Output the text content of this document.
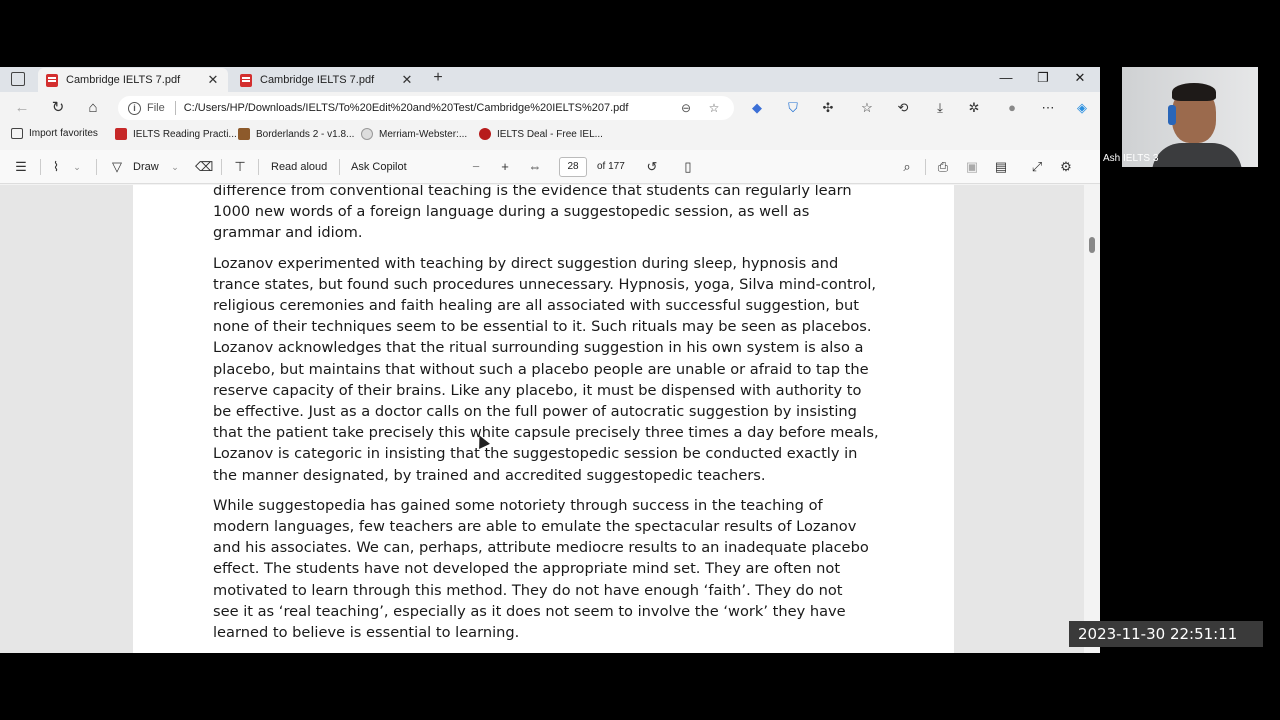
Cambridge IELTS 7.pdf	✕	Cambridge IELTS 7.pdf	✕	+	—	❐	✕
← ↻	⌂	i	File C:/Users/HP/Downloads/IELTS/To%20Edit%20and%20Test/Cambridge%20IELTS%207.pdf	⊖	☆	◆	⛉	✣	☆	⟲	⤓	✲	●	⋯	◈
Import favorites	IELTS Reading Practi... Borderlands 2 - v1.8... Merriam-Webster:...	IELTS Deal - Free IEL...
☰	⌇	⌄	▽	Draw	⌄	⌫ ⊤	Read aloud Ask Copilot	−	+	⇔	28	of 177 ↺	▯	⌕	⎙ ▣ ▤ ⤢ ⚙
difference from conventional teaching is the evidence that students can regularly learn
1000 new words of a foreign language during a suggestopedic session, as well as
grammar and idiom.
Lozanov experimented with teaching by direct suggestion during sleep, hypnosis and
trance states, but found such procedures unnecessary. Hypnosis, yoga, Silva mind-control,
religious ceremonies and faith healing are all associated with successful suggestion, but
none of their techniques seem to be essential to it. Such rituals may be seen as placebos.
Lozanov acknowledges that the ritual surrounding suggestion in his own system is also a
placebo, but maintains that without such a placebo people are unable or afraid to tap the
reserve capacity of their brains. Like any placebo, it must be dispensed with authority to
be effective. Just as a doctor calls on the full power of autocratic suggestion by insisting
that the patient take precisely this white capsule precisely three times a day before meals,
Lozanov is categoric in insisting that the suggestopedic session be conducted exactly in
the manner designated, by trained and accredited suggestopedic teachers.
While suggestopedia has gained some notoriety through success in the teaching of
modern languages, few teachers are able to emulate the spectacular results of Lozanov
and his associates. We can, perhaps, attribute mediocre results to an inadequate placebo
effect. The students have not developed the appropriate mind set. They are often not
motivated to learn through this method. They do not have enough ‘faith’. They do not
see it as ‘real teaching’, especially as it does not seem to involve the ‘work’ they have
learned to believe is essential to learning.
Ash IELTS 3
2023-11-30 22:51:11
